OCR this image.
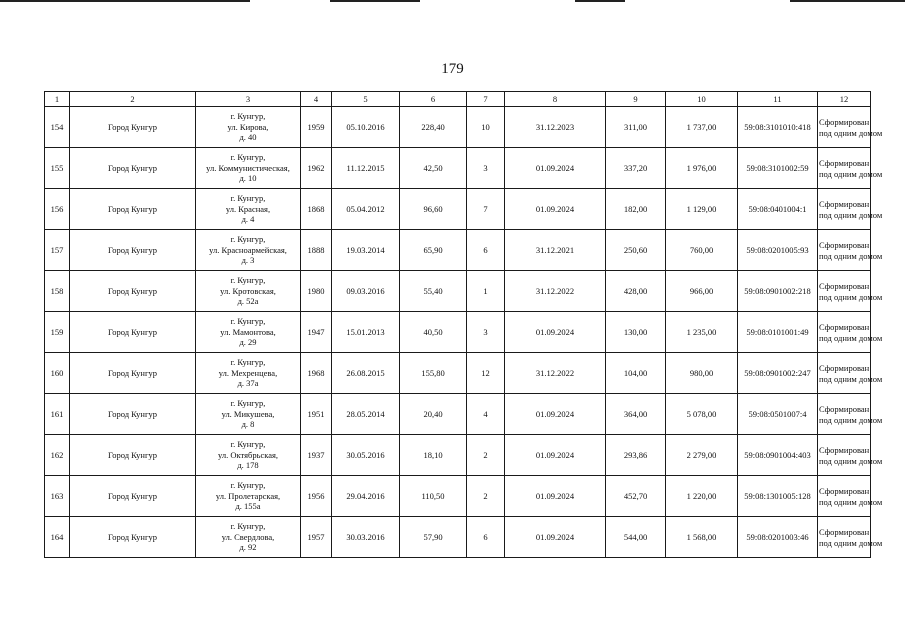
179
1	2	3	4	5	6	7	8	9	10	11	12
154	Город Кунгур	г. Кунгур,
ул. Кирова,
д. 40	1959	05.10.2016	228,40	10	31.12.2023	311,00	1 737,00	59:08:3101010:418	Сформирован
под одним домом

155	Город Кунгур	г. Кунгур,
ул. Коммунистическая,
д. 10	1962	11.12.2015	42,50	3	01.09.2024	337,20	1 976,00	59:08:3101002:59	Сформирован
под одним домом

156	Город Кунгур	г. Кунгур,
ул. Красная,
д. 4	1868	05.04.2012	96,60	7	01.09.2024	182,00	1 129,00	59:08:0401004:1	Сформирован
под одним домом

157	Город Кунгур	г. Кунгур,
ул. Красноармейская,
д. 3	1888	19.03.2014	65,90	6	31.12.2021	250,60	760,00	59:08:0201005:93	Сформирован
под одним домом

158	Город Кунгур	г. Кунгур,
ул. Кротовская,
д. 52а	1980	09.03.2016	55,40	1	31.12.2022	428,00	966,00	59:08:0901002:218	Сформирован
под одним домом

159	Город Кунгур	г. Кунгур,
ул. Мамонтова,
д. 29	1947	15.01.2013	40,50	3	01.09.2024	130,00	1 235,00	59:08:0101001:49	Сформирован
под одним домом

160	Город Кунгур	г. Кунгур,
ул. Мехренцева,
д. 37а	1968	26.08.2015	155,80	12	31.12.2022	104,00	980,00	59:08:0901002:247	Сформирован
под одним домом

161	Город Кунгур	г. Кунгур,
ул. Микушева,
д. 8	1951	28.05.2014	20,40	4	01.09.2024	364,00	5 078,00	59:08:0501007:4	Сформирован
под одним домом

162	Город Кунгур	г. Кунгур,
ул. Октябрьская,
д. 178	1937	30.05.2016	18,10	2	01.09.2024	293,86	2 279,00	59:08:0901004:403	Сформирован
под одним домом

163	Город Кунгур	г. Кунгур,
ул. Пролетарская,
д. 155а	1956	29.04.2016	110,50	2	01.09.2024	452,70	1 220,00	59:08:1301005:128	Сформирован
под одним домом

164	Город Кунгур	г. Кунгур,
ул. Свердлова,
д. 92	1957	30.03.2016	57,90	6	01.09.2024	544,00	1 568,00	59:08:0201003:46	Сформирован
под одним домом
